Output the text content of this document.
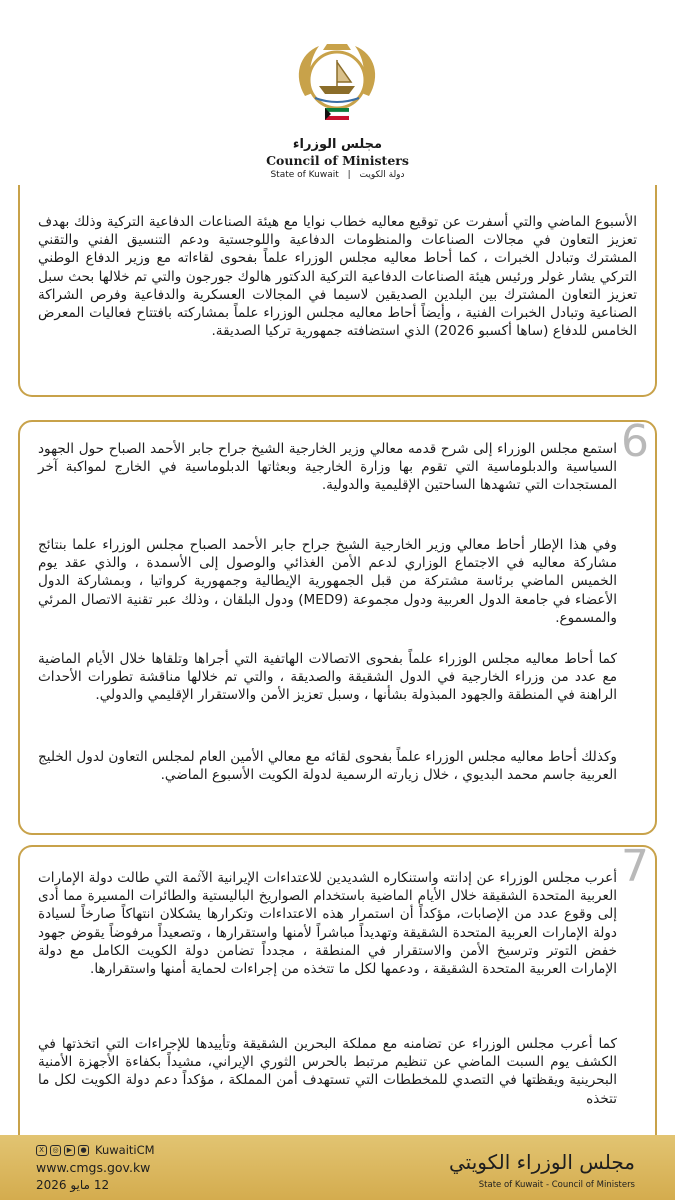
مجلس الوزراء
Council of Ministers
State of Kuwait | دولة الكويت
الأسبوع الماضي والتي أسفرت عن توقيع معاليه خطاب نوايا مع هيئة الصناعات الدفاعية التركية وذلك بهدف تعزيز التعاون في مجالات الصناعات والمنظومات الدفاعية واللوجستية ودعم التنسيق الفني والتقني المشترك وتبادل الخبرات ، كما أحاط معاليه مجلس الوزراء علماً بفحوى لقاءاته مع وزير الدفاع الوطني التركي يشار غولر ورئيس هيئة الصناعات الدفاعية التركية الدكتور هالوك جورجون والتي تم خلالها بحث سبل تعزيز التعاون المشترك بين البلدين الصديقين لاسيما في المجالات العسكرية والدفاعية وفرص الشراكة الصناعية وتبادل الخبرات الفنية ، وأيضاً أحاط معاليه مجلس الوزراء علماً بمشاركته بافتتاح فعاليات المعرض الخامس للدفاع (ساها أكسبو 2026) الذي استضافته جمهورية تركيا الصديقة.
6
استمع مجلس الوزراء إلى شرح قدمه معالي وزير الخارجية الشيخ جراح جابر الأحمد الصباح حول الجهود السياسية والدبلوماسية التي تقوم بها وزارة الخارجية وبعثاتها الدبلوماسية في الخارج لمواكبة آخر المستجدات التي تشهدها الساحتين الإقليمية والدولية.
وفي هذا الإطار أحاط معالي وزير الخارجية الشيخ جراح جابر الأحمد الصباح مجلس الوزراء علما بنتائج مشاركة معاليه في الاجتماع الوزاري لدعم الأمن الغذائي والوصول إلى الأسمدة ، والذي عقد يوم الخميس الماضي برئاسة مشتركة من قبل الجمهورية الإيطالية وجمهورية كرواتيا ، وبمشاركة الدول الأعضاء في جامعة الدول العربية ودول مجموعة (MED9) ودول البلقان ، وذلك عبر تقنية الاتصال المرئي والمسموع.
كما أحاط معاليه مجلس الوزراء علماً بفحوى الاتصالات الهاتفية التي أجراها وتلقاها خلال الأيام الماضية مع عدد من وزراء الخارجية في الدول الشقيقة والصديقة ، والتي تم خلالها مناقشة تطورات الأحداث الراهنة في المنطقة والجهود المبذولة بشأنها ، وسبل تعزيز الأمن والاستقرار الإقليمي والدولي.
وكذلك أحاط معاليه مجلس الوزراء علماً بفحوى لقائه مع معالي الأمين العام لمجلس التعاون لدول الخليج العربية جاسم محمد البديوي ، خلال زيارته الرسمية لدولة الكويت الأسبوع الماضي.
7
أعرب مجلس الوزراء عن إدانته واستنكاره الشديدين للاعتداءات الإيرانية الآثمة التي طالت دولة الإمارات العربية المتحدة الشقيقة خلال الأيام الماضية باستخدام الصواريخ الباليستية والطائرات المسيرة مما أدى إلى وقوع عدد من الإصابات، مؤكداً أن استمرار هذه الاعتداءات وتكرارها يشكلان انتهاكاً صارخاً لسيادة دولة الإمارات العربية المتحدة الشقيقة وتهديداً مباشراً لأمنها واستقرارها ، وتصعيداً مرفوضاً يقوض جهود خفض التوتر وترسيخ الأمن والاستقرار في المنطقة ، مجدداً تضامن دولة الكويت الكامل مع دولة الإمارات العربية المتحدة الشقيقة ، ودعمها لكل ما تتخذه من إجراءات لحماية أمنها واستقرارها.
كما أعرب مجلس الوزراء عن تضامنه مع مملكة البحرين الشقيقة وتأييدها للإجراءات التي اتخذتها في الكشف يوم السبت الماضي عن تنظيم مرتبط بالحرس الثوري الإيراني، مشيداً بكفاءة الأجهزة الأمنية البحرينية ويقظتها في التصدي للمخططات التي تستهدف أمن المملكة ، مؤكداً دعم دولة الكويت لكل ما تتخذه
X	◎	▶	● KuwaitiCM
www.cmgs.gov.kw
12 مايو 2026
مجلس الوزراء الكويتي
State of Kuwait - Council of Ministers
